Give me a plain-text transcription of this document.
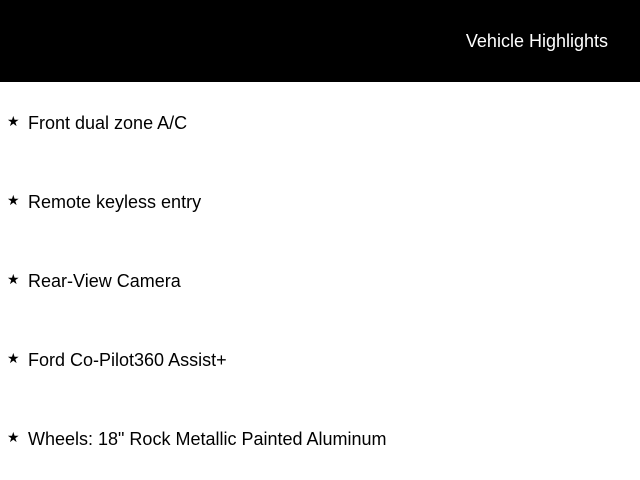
Vehicle Highlights
★ Front dual zone A/C
★ Remote keyless entry
★ Rear-View Camera
★ Ford Co-Pilot360 Assist+
★ Wheels: 18" Rock Metallic Painted Aluminum
